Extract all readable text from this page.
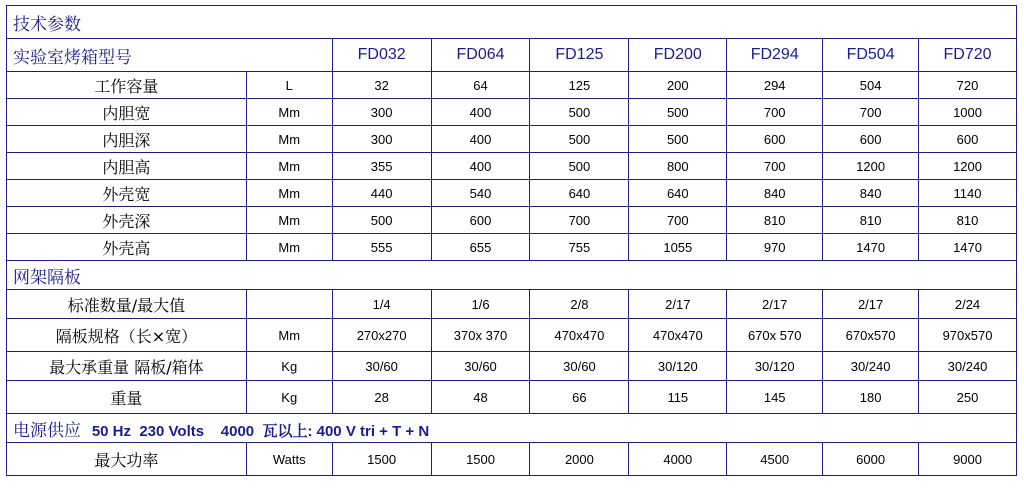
技术参数								
实验室烤箱型号		FD032	FD064	FD125	FD200	FD294	FD504	FD720
工作容量	L	32	64	125	200	294	504	720
内胆宽	Mm	300	400	500	500	700	700	1000
内胆深	Mm	300	400	500	500	600	600	600
内胆高	Mm	355	400	500	800	700	1200	1200
外壳宽	Mm	440	540	640	640	840	840	1140
外壳深	Mm	500	600	700	700	810	810	810
外壳高	Mm	555	655	755	1055	970	1470	1470
网架隔板								
标准数量/最大值		1/4	1/6	2/8	2/17	2/17	2/17	2/24
隔板规格（长×宽）	Mm	270x270	370x 370	470x470	470x470	670x 570	670x570	970x570
最大承重量 隔板/箱体	Kg	30/60	30/60	30/60	30/120	30/120	30/240	30/240
重量	Kg	28	48	66	115	145	180	250
电源供应 50 Hz  230 Volts    4000  瓦以上: 400 V tri + T + N								
最大功率	Watts	1500	1500	2000	4000	4500	6000	9000
